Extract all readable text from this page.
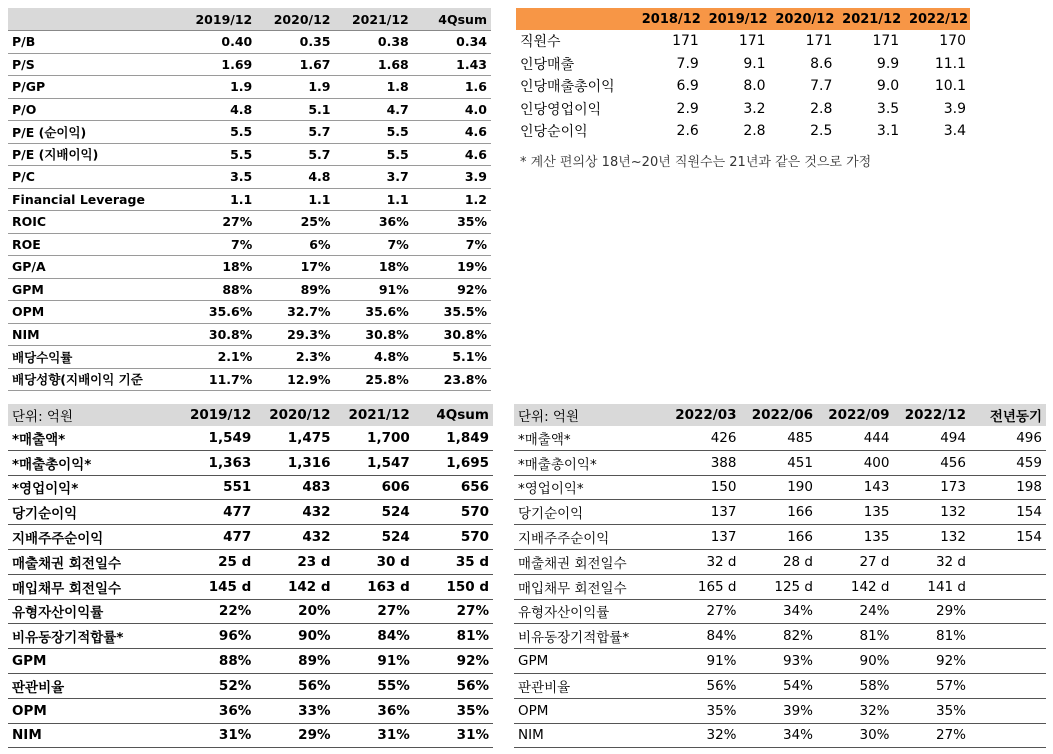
	2019/12	2020/12	2021/12	4Qsum
P/B	0.40	0.35	0.38	0.34
P/S	1.69	1.67	1.68	1.43
P/GP	1.9	1.9	1.8	1.6
P/O	4.8	5.1	4.7	4.0
P/E (순이익)	5.5	5.7	5.5	4.6
P/E (지배이익)	5.5	5.7	5.5	4.6
P/C	3.5	4.8	3.7	3.9
Financial Leverage	1.1	1.1	1.1	1.2
ROIC	27%	25%	36%	35%
ROE	7%	6%	7%	7%
GP/A	18%	17%	18%	19%
GPM	88%	89%	91%	92%
OPM	35.6%	32.7%	35.6%	35.5%
NIM	30.8%	29.3%	30.8%	30.8%
배당수익률	2.1%	2.3%	4.8%	5.1%
배당성향(지배이익 기준	11.7%	12.9%	25.8%	23.8%
	2018/12	2019/12	2020/12	2021/12	2022/12
직원수	171	171	171	171	170
인당매출	7.9	9.1	8.6	9.9	11.1
인당매출총이익	6.9	8.0	7.7	9.0	10.1
인당영업이익	2.9	3.2	2.8	3.5	3.9
인당순이익	2.6	2.8	2.5	3.1	3.4
* 계산 편의상 18년~20년 직원수는 21년과 같은 것으로 가정
단위: 억원	2019/12	2020/12	2021/12	4Qsum
*매출액*	1,549	1,475	1,700	1,849
*매출총이익*	1,363	1,316	1,547	1,695
*영업이익*	551	483	606	656
당기순이익	477	432	524	570
지배주주순이익	477	432	524	570
매출채권 회전일수	25 d	23 d	30 d	35 d
매입채무 회전일수	145 d	142 d	163 d	150 d
유형자산이익률	22%	20%	27%	27%
비유동장기적합률*	96%	90%	84%	81%
GPM	88%	89%	91%	92%
판관비율	52%	56%	55%	56%
OPM	36%	33%	36%	35%
NIM	31%	29%	31%	31%
단위: 억원	2022/03	2022/06	2022/09	2022/12	전년동기
*매출액*	426	485	444	494	496
*매출총이익*	388	451	400	456	459
*영업이익*	150	190	143	173	198
당기순이익	137	166	135	132	154
지배주주순이익	137	166	135	132	154
매출채권 회전일수	32 d	28 d	27 d	32 d	
매입채무 회전일수	165 d	125 d	142 d	141 d	
유형자산이익률	27%	34%	24%	29%	
비유동장기적합률*	84%	82%	81%	81%	
GPM	91%	93%	90%	92%	
판관비율	56%	54%	58%	57%	
OPM	35%	39%	32%	35%	
NIM	32%	34%	30%	27%	
